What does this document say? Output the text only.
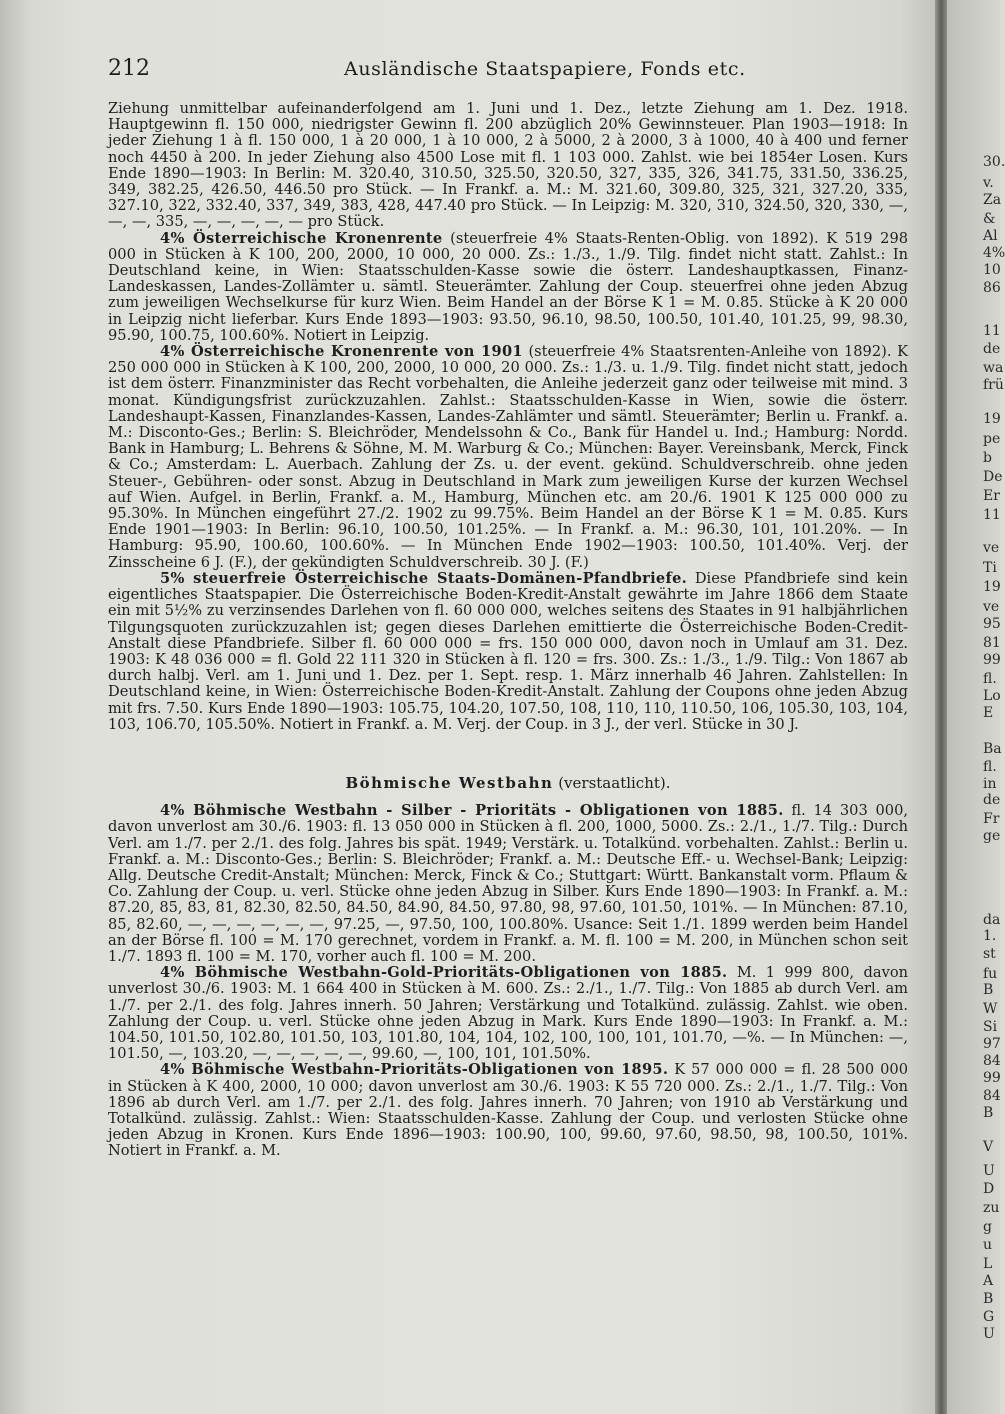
212	Ausländische Staatspapiere, Fonds etc.

Ziehung unmittelbar aufeinanderfolgend am 1. Juni und 1. Dez., letzte Ziehung am 1. Dez. 1918. Hauptgewinn fl. 150 000, niedrigster Gewinn fl. 200 abzüglich 20% Gewinnsteuer. Plan 1903—1918: In jeder Ziehung 1 à fl. 150 000, 1 à 20 000, 1 à 10 000, 2 à 5000, 2 à 2000, 3 à 1000, 40 à 400 und ferner noch 4450 à 200. In jeder Ziehung also 4500 Lose mit fl. 1 103 000. Zahlst. wie bei 1854er Losen. Kurs Ende 1890—1903: In Berlin: M. 320.40, 310.50, 325.50, 320.50, 327, 335, 326, 341.75, 331.50, 336.25, 349, 382.25, 426.50, 446.50 pro Stück. — In Frankf. a. M.: M. 321.60, 309.80, 325, 321, 327.20, 335, 327.10, 322, 332.40, 337, 349, 383, 428, 447.40 pro Stück. — In Leipzig: M. 320, 310, 324.50, 320, 330, —, —, —, 335, —, —, —, —, — pro Stück.

4% Österreichische Kronenrente (steuerfreie 4% Staats-Renten-Oblig. von 1892). K 519 298 000 in Stücken à K 100, 200, 2000, 10 000, 20 000. Zs.: 1./3., 1./9. Tilg. findet nicht statt. Zahlst.: In Deutschland keine, in Wien: Staatsschulden-Kasse sowie die österr. Landeshauptkassen, Finanz-Landeskassen, Landes-Zollämter u. sämtl. Steuerämter. Zahlung der Coup. steuerfrei ohne jeden Abzug zum jeweiligen Wechselkurse für kurz Wien. Beim Handel an der Börse K 1 = M. 0.85. Stücke à K 20 000 in Leipzig nicht lieferbar. Kurs Ende 1893—1903: 93.50, 96.10, 98.50, 100.50, 101.40, 101.25, 99, 98.30, 95.90, 100.75, 100.60%. Notiert in Leipzig.

4% Österreichische Kronenrente von 1901 (steuerfreie 4% Staatsrenten-Anleihe von 1892). K 250 000 000 in Stücken à K 100, 200, 2000, 10 000, 20 000. Zs.: 1./3. u. 1./9. Tilg. findet nicht statt, jedoch ist dem österr. Finanzminister das Recht vorbehalten, die Anleihe jederzeit ganz oder teilweise mit mind. 3 monat. Kündigungsfrist zurückzuzahlen. Zahlst.: Staatsschulden-Kasse in Wien, sowie die österr. Landeshaupt-Kassen, Finanzlandes-Kassen, Landes-Zahlämter und sämtl. Steuerämter; Berlin u. Frankf. a. M.: Disconto-Ges.; Berlin: S. Bleichröder, Mendelssohn & Co., Bank für Handel u. Ind.; Hamburg: Nordd. Bank in Hamburg; L. Behrens & Söhne, M. M. Warburg & Co.; München: Bayer. Vereinsbank, Merck, Finck & Co.; Amsterdam: L. Auerbach. Zahlung der Zs. u. der event. gekünd. Schuldverschreib. ohne jeden Steuer-, Gebühren- oder sonst. Abzug in Deutschland in Mark zum jeweiligen Kurse der kurzen Wechsel auf Wien. Aufgel. in Berlin, Frankf. a. M., Hamburg, München etc. am 20./6. 1901 K 125 000 000 zu 95.30%. In München eingeführt 27./2. 1902 zu 99.75%. Beim Handel an der Börse K 1 = M. 0.85. Kurs Ende 1901—1903: In Berlin: 96.10, 100.50, 101.25%. — In Frankf. a. M.: 96.30, 101, 101.20%. — In Hamburg: 95.90, 100.60, 100.60%. — In München Ende 1902—1903: 100.50, 101.40%. Verj. der Zinsscheine 6 J. (F.), der gekündigten Schuldverschreib. 30 J. (F.)

5% steuerfreie Österreichische Staats-Domänen-Pfandbriefe. Diese Pfandbriefe sind kein eigentliches Staatspapier. Die Österreichische Boden-Kredit-Anstalt gewährte im Jahre 1866 dem Staate ein mit 5½% zu verzinsendes Darlehen von fl. 60 000 000, welches seitens des Staates in 91 halbjährlichen Tilgungsquoten zurückzuzahlen ist; gegen dieses Darlehen emittierte die Österreichische Boden-Credit-Anstalt diese Pfandbriefe. Silber fl. 60 000 000 = frs. 150 000 000, davon noch in Umlauf am 31. Dez. 1903: K 48 036 000 = fl. Gold 22 111 320 in Stücken à fl. 120 = frs. 300. Zs.: 1./3., 1./9. Tilg.: Von 1867 ab durch halbj. Verl. am 1. Juni und 1. Dez. per 1. Sept. resp. 1. März innerhalb 46 Jahren. Zahlstellen: In Deutschland keine, in Wien: Österreichische Boden-Kredit-Anstalt. Zahlung der Coupons ohne jeden Abzug mit frs. 7.50. Kurs Ende 1890—1903: 105.75, 104.20, 107.50, 108, 110, 110, 110.50, 106, 105.30, 103, 104, 103, 106.70, 105.50%. Notiert in Frankf. a. M. Verj. der Coup. in 3 J., der verl. Stücke in 30 J.

Böhmische Westbahn (verstaatlicht).

4% Böhmische Westbahn - Silber - Prioritäts - Obligationen von 1885. fl. 14 303 000, davon unverlost am 30./6. 1903: fl. 13 050 000 in Stücken à fl. 200, 1000, 5000. Zs.: 2./1., 1./7. Tilg.: Durch Verl. am 1./7. per 2./1. des folg. Jahres bis spät. 1949; Verstärk. u. Totalkünd. vorbehalten. Zahlst.: Berlin u. Frankf. a. M.: Disconto-Ges.; Berlin: S. Bleichröder; Frankf. a. M.: Deutsche Eff.- u. Wechsel-Bank; Leipzig: Allg. Deutsche Credit-Anstalt; München: Merck, Finck & Co.; Stuttgart: Württ. Bankanstalt vorm. Pflaum & Co. Zahlung der Coup. u. verl. Stücke ohne jeden Abzug in Silber. Kurs Ende 1890—1903: In Frankf. a. M.: 87.20, 85, 83, 81, 82.30, 82.50, 84.50, 84.90, 84.50, 97.80, 98, 97.60, 101.50, 101%. — In München: 87.10, 85, 82.60, —, —, —, —, —, —, 97.25, —, 97.50, 100, 100.80%. Usance: Seit 1./1. 1899 werden beim Handel an der Börse fl. 100 = M. 170 gerechnet, vordem in Frankf. a. M. fl. 100 = M. 200, in München schon seit 1./7. 1893 fl. 100 = M. 170, vorher auch fl. 100 = M. 200.

4% Böhmische Westbahn-Gold-Prioritäts-Obligationen von 1885. M. 1 999 800, davon unverlost 30./6. 1903: M. 1 664 400 in Stücken à M. 600. Zs.: 2./1., 1./7. Tilg.: Von 1885 ab durch Verl. am 1./7. per 2./1. des folg. Jahres innerh. 50 Jahren; Verstärkung und Totalkünd. zulässig. Zahlst. wie oben. Zahlung der Coup. u. verl. Stücke ohne jeden Abzug in Mark. Kurs Ende 1890—1903: In Frankf. a. M.: 104.50, 101.50, 102.80, 101.50, 103, 101.80, 104, 104, 102, 100, 100, 101, 101.70, —%. — In München: —, 101.50, —, 103.20, —, —, —, —, —, 99.60, —, 100, 101, 101.50%.

4% Böhmische Westbahn-Prioritäts-Obligationen von 1895. K 57 000 000 = fl. 28 500 000 in Stücken à K 400, 2000, 10 000; davon unverlost am 30./6. 1903: K 55 720 000. Zs.: 2./1., 1./7. Tilg.: Von 1896 ab durch Verl. am 1./7. per 2./1. des folg. Jahres innerh. 70 Jahren; von 1910 ab Verstärkung und Totalkünd. zulässig. Zahlst.: Wien: Staatsschulden-Kasse. Zahlung der Coup. und verlosten Stücke ohne jeden Abzug in Kronen. Kurs Ende 1896—1903: 100.90, 100, 99.60, 97.60, 98.50, 98, 100.50, 101%. Notiert in Frankf. a. M.

30.
v.
Za
&
Al
4%
10
86
11
de
wa
frü
19
pe
b
De
Er
11
ve
Ti
19
ve
95
81
99
fl.
Lo
E
Ba
fl.
in
de
Fr
ge
da
1.
st
fu
B
W
Si
97
84
99
84
B
V
U
D
zu
g
u
L
A
B
G
U
